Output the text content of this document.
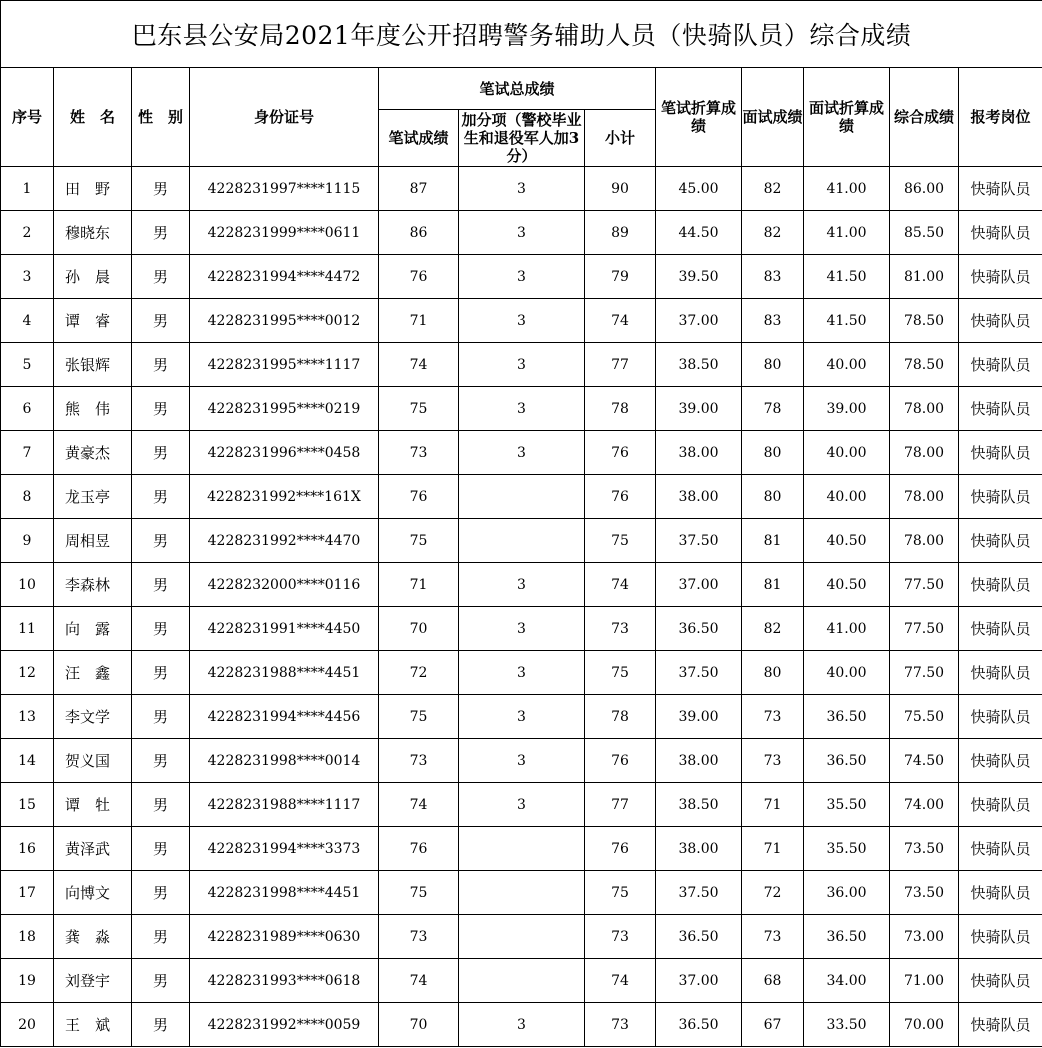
巴东县公安局2021年度公开招聘警务辅助人员（快骑队员）综合成绩											
序号	姓　名	性　别	身份证号	笔试总成绩			笔试折算成绩	面试成绩	面试折算成绩	综合成绩	报考岗位
				笔试成绩	加分项（警校毕业生和退役军人加3分）	小计					
1	田　野	男	4228231997****1115	87	3	90	45.00	82	41.00	86.00	快骑队员
2	穆晓东	男	4228231999****0611	86	3	89	44.50	82	41.00	85.50	快骑队员
3	孙　晨	男	4228231994****4472	76	3	79	39.50	83	41.50	81.00	快骑队员
4	谭　睿	男	4228231995****0012	71	3	74	37.00	83	41.50	78.50	快骑队员
5	张银辉	男	4228231995****1117	74	3	77	38.50	80	40.00	78.50	快骑队员
6	熊　伟	男	4228231995****0219	75	3	78	39.00	78	39.00	78.00	快骑队员
7	黄豪杰	男	4228231996****0458	73	3	76	38.00	80	40.00	78.00	快骑队员
8	龙玉亭	男	4228231992****161X	76		76	38.00	80	40.00	78.00	快骑队员
9	周相昱	男	4228231992****4470	75		75	37.50	81	40.50	78.00	快骑队员
10	李森林	男	4228232000****0116	71	3	74	37.00	81	40.50	77.50	快骑队员
11	向　露	男	4228231991****4450	70	3	73	36.50	82	41.00	77.50	快骑队员
12	汪　鑫	男	4228231988****4451	72	3	75	37.50	80	40.00	77.50	快骑队员
13	李文学	男	4228231994****4456	75	3	78	39.00	73	36.50	75.50	快骑队员
14	贺义国	男	4228231998****0014	73	3	76	38.00	73	36.50	74.50	快骑队员
15	谭　牡	男	4228231988****1117	74	3	77	38.50	71	35.50	74.00	快骑队员
16	黄泽武	男	4228231994****3373	76		76	38.00	71	35.50	73.50	快骑队员
17	向博文	男	4228231998****4451	75		75	37.50	72	36.00	73.50	快骑队员
18	龚　淼	男	4228231989****0630	73		73	36.50	73	36.50	73.00	快骑队员
19	刘登宇	男	4228231993****0618	74		74	37.00	68	34.00	71.00	快骑队员
20	王　斌	男	4228231992****0059	70	3	73	36.50	67	33.50	70.00	快骑队员
